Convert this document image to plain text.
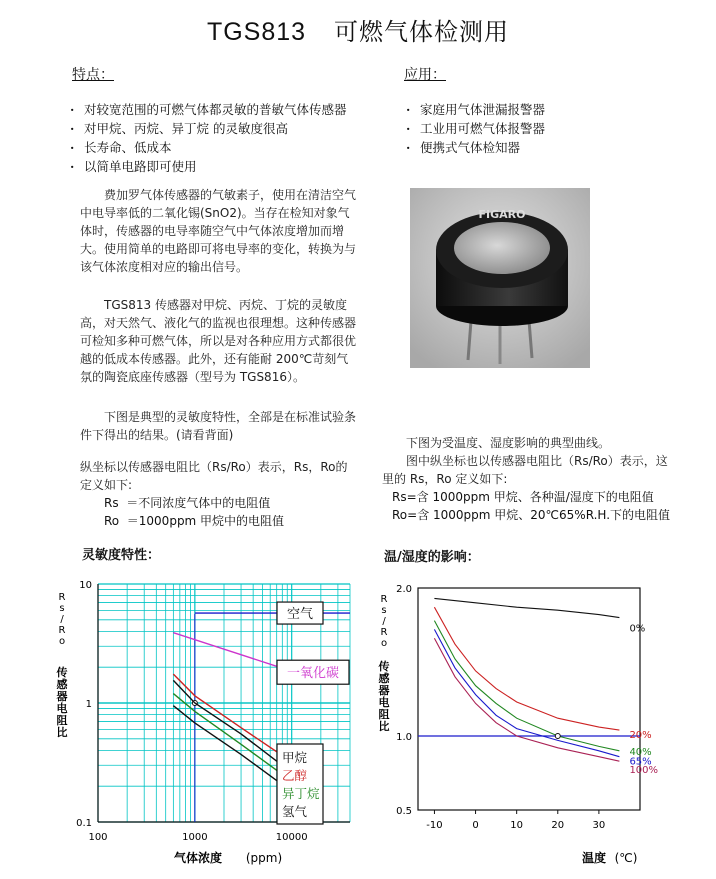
TGS813 可燃气体检测用
特点：
· 对较宽范围的可燃气体都灵敏的普敏气体传感器
· 对甲烷、丙烷、异丁烷 的灵敏度很高
· 长寿命、低成本
· 以简单电路即可使用
应用：
· 家庭用气体泄漏报警器
· 工业用可燃气体报警器
· 便携式气体检知器

费加罗气体传感器的气敏素子，使用在清洁空气中电导率低的二氧化锡(SnO2)。当存在检知对象气体时，传感器的电导率随空气中气体浓度增加而增大。使用简单的电路即可将电导率的变化，转换为与该气体浓度相对应的输出信号。

TGS813 传感器对甲烷、丙烷、丁烷的灵敏度高，对天然气、液化气的监视也很理想。这种传感器可检知多种可燃气体，所以是对各种应用方式都很优越的低成本传感器。此外，还有能耐 200℃苛刻气氛的陶瓷底座传感器（型号为 TGS816）。

下图是典型的灵敏度特性，全部是在标准试验条件下得出的结果。(请看背面)

纵坐标以传感器电阻比（Rs/Ro）表示，Rs，Ro的定义如下:

Rs ＝不同浓度气体中的电阻值
Ro ＝1000ppm 甲烷中的电阻值
FIGARO

下图为受温度、湿度影响的典型曲线。

图中纵坐标也以传感器电阻比（Rs/Ro）表示，这里的 Rs，Ro 定义如下:

Rs=含 1000ppm 甲烷、各种温/湿度下的电阻值
Ro=含 1000ppm 甲烷、20℃65%R.H.下的电阻值
灵敏度特性：	温/湿度的影响：
100	1000	10000
10
1
0.1
空气
一氧化碳
甲烷
乙醇
异丁烷
氢气
R s / R o
传感器电阻比
气体浓度 (ppm)
-10	0	10	20	30
2.0
1.0
0.5
0%
20%
40%
65%
100%
R s / R o
传感器电阻比
温度 (℃)
